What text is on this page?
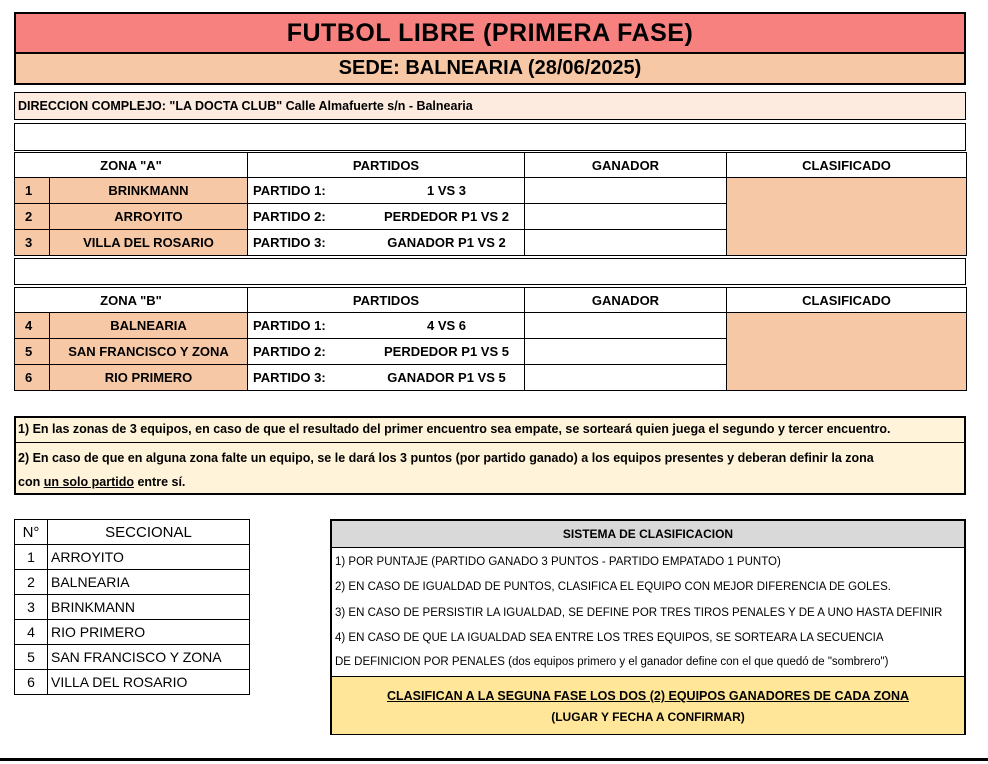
FUTBOL LIBRE (PRIMERA FASE)
SEDE: BALNEARIA (28/06/2025)
DIRECCION COMPLEJO: "LA DOCTA CLUB" Calle Almafuerte s/n - Balnearia
ZONA "A"		PARTIDOS	GANADOR	CLASIFICADO
1	BRINKMANN	PARTIDO 1: 1 VS 3		

2	ARROYITO	PARTIDO 2: PERDEDOR P1 VS 2		

3	VILLA DEL ROSARIO	PARTIDO 3: GANADOR P1 VS 2		

ZONA "B"		PARTIDOS	GANADOR	CLASIFICADO
4	BALNEARIA	PARTIDO 1: 4 VS 6		

5	SAN FRANCISCO Y ZONA	PARTIDO 2: PERDEDOR P1 VS 5		

6	RIO PRIMERO	PARTIDO 3: GANADOR P1 VS 5		

1) En las zonas de 3 equipos, en caso de que el resultado del primer encuentro sea empate, se sorteará quien juega el segundo y tercer encuentro.
2) En caso de que en alguna zona falte un equipo, se le dará los 3 puntos (por partido ganado) a los equipos presentes y deberan definir la zona
con un solo partido entre sí.
N°	SECCIONAL
1	ARROYITO
2	BALNEARIA
3	BRINKMANN
4	RIO PRIMERO
5	SAN FRANCISCO Y ZONA
6	VILLA DEL ROSARIO
SISTEMA DE CLASIFICACION
1) POR PUNTAJE (PARTIDO GANADO 3 PUNTOS - PARTIDO EMPATADO 1 PUNTO)
2) EN CASO DE IGUALDAD DE PUNTOS, CLASIFICA EL EQUIPO CON MEJOR DIFERENCIA DE GOLES.
3) EN CASO DE PERSISTIR LA IGUALDAD, SE DEFINE POR TRES TIROS PENALES Y DE A UNO HASTA DEFINIR
4) EN CASO DE QUE LA IGUALDAD SEA ENTRE LOS TRES EQUIPOS, SE SORTEARA LA SECUENCIA
DE DEFINICION POR PENALES (dos equipos primero y el ganador define con el que quedó de "sombrero")
CLASIFICAN A LA SEGUNA FASE LOS DOS (2) EQUIPOS GANADORES DE CADA ZONA
(LUGAR Y FECHA A CONFIRMAR)
